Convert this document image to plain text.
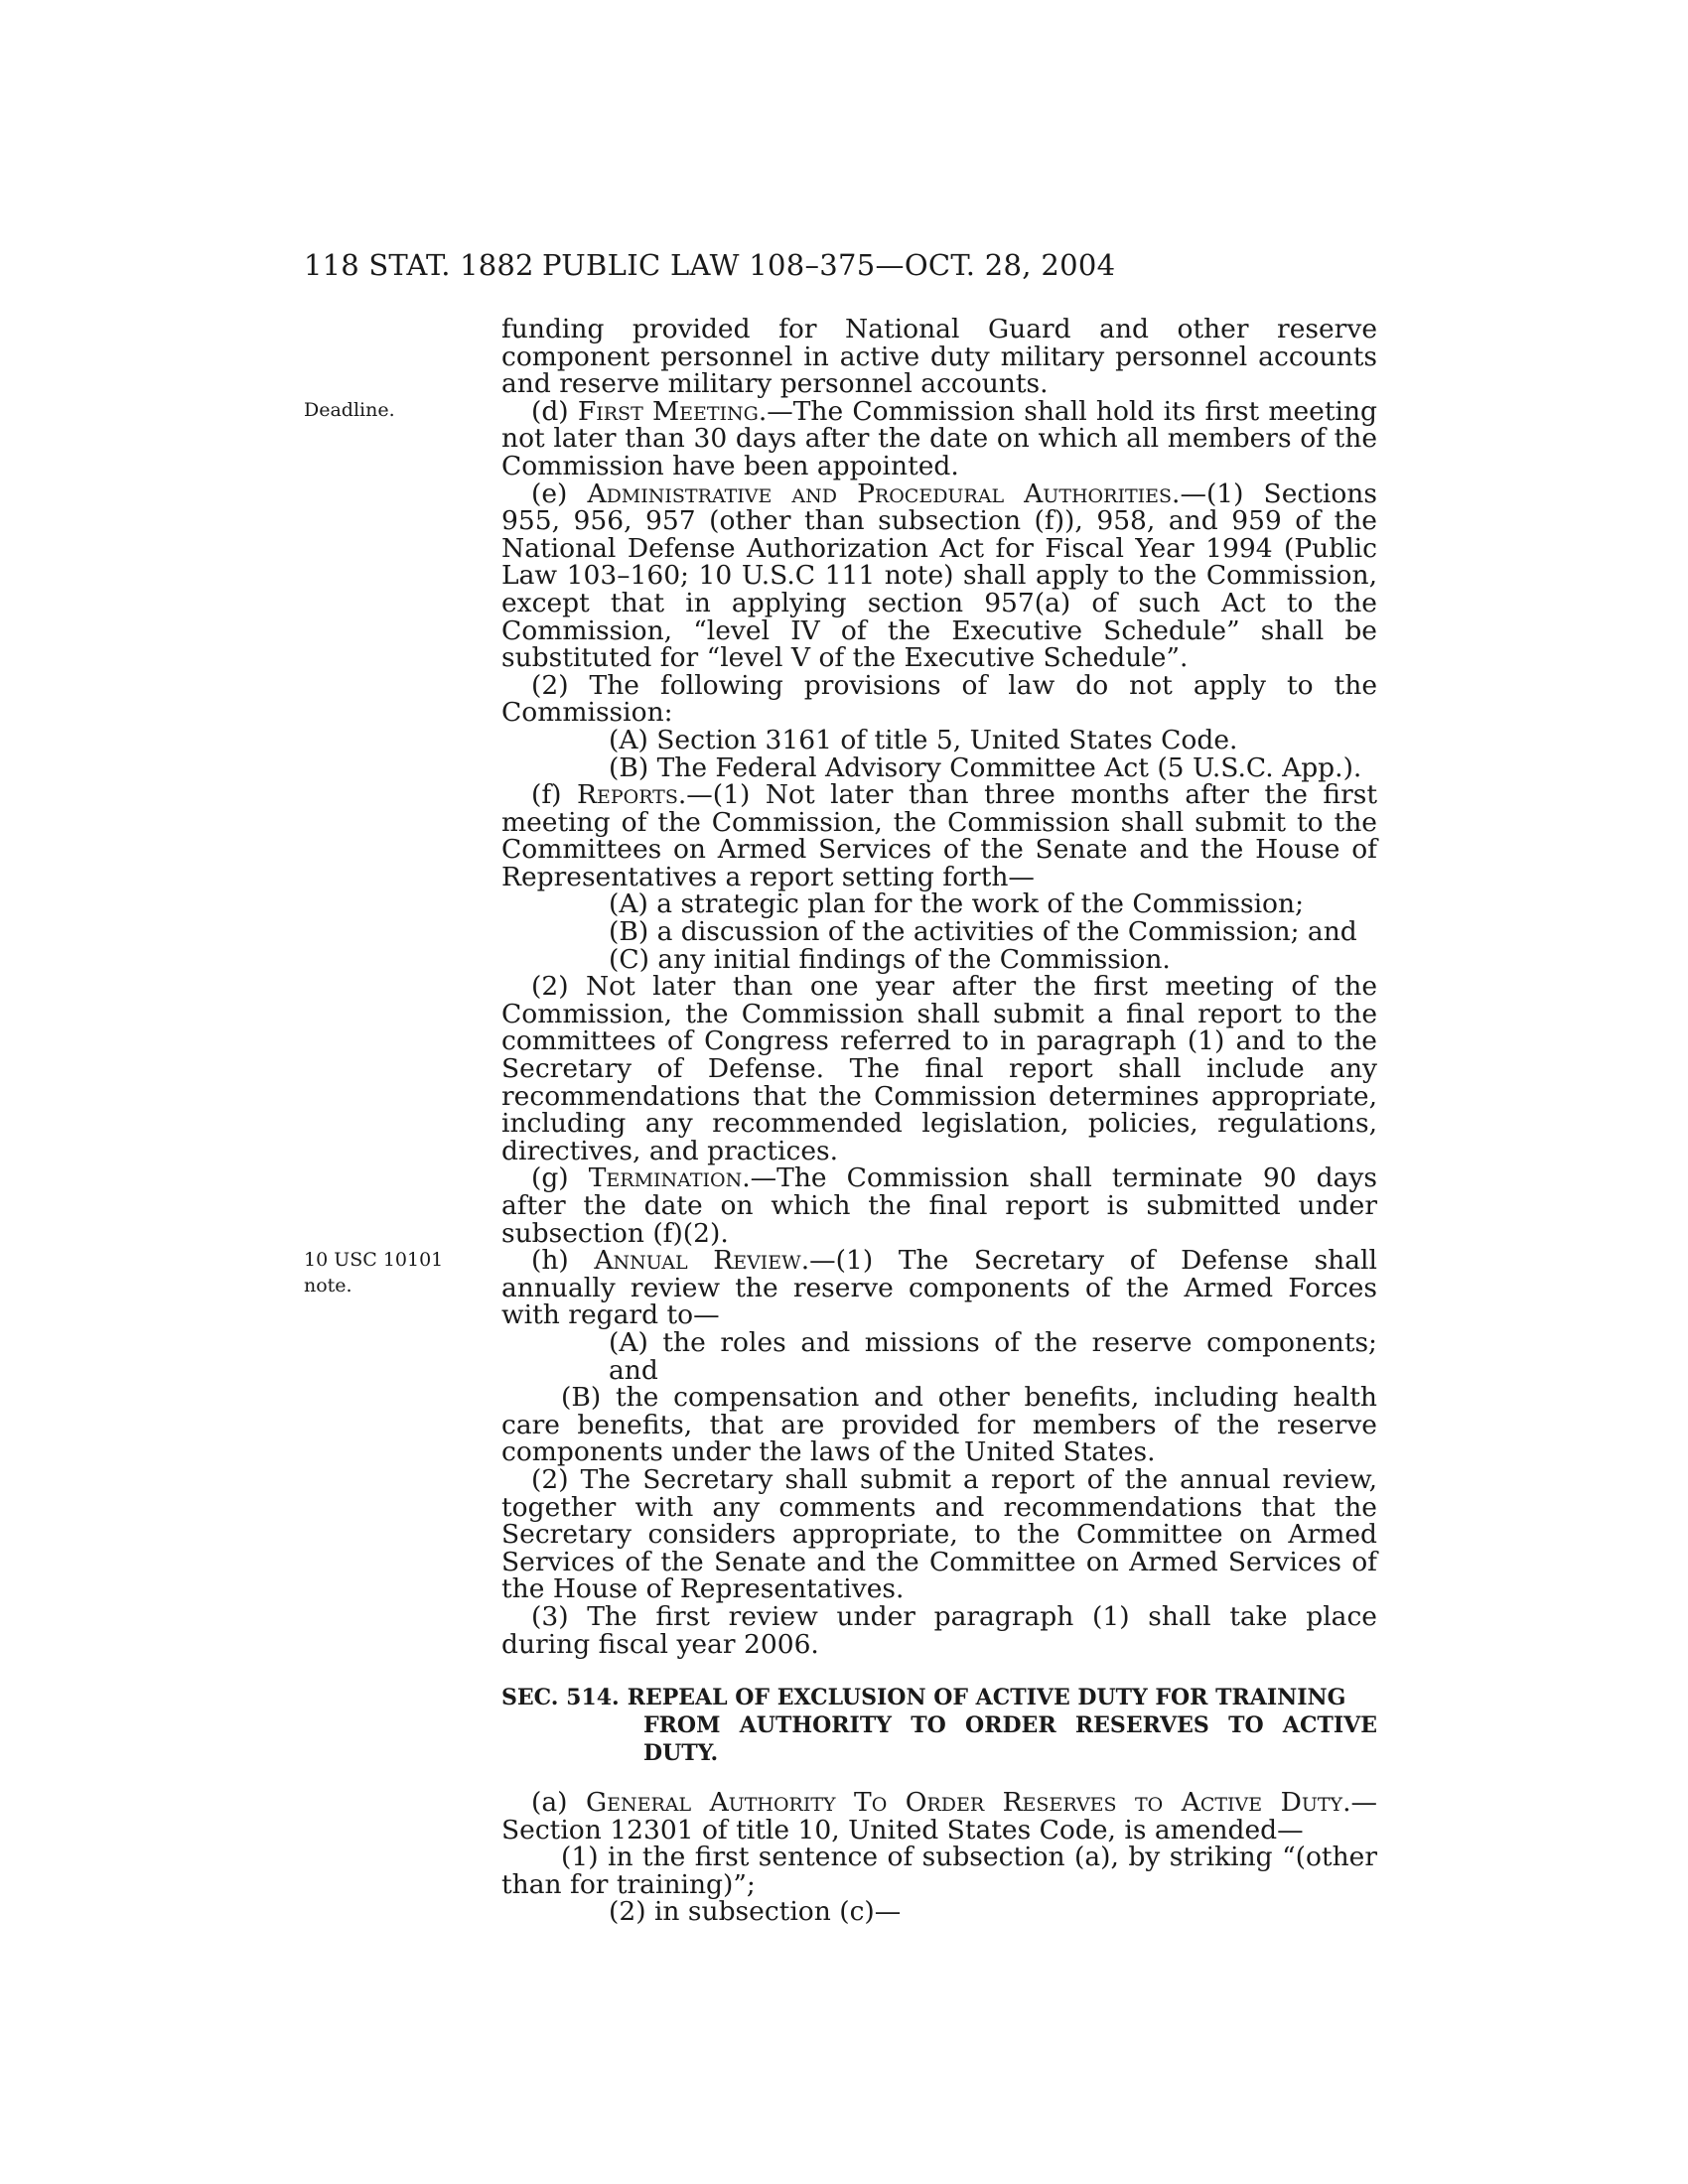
118 STAT. 1882 PUBLIC LAW 108–375—OCT. 28, 2004
Deadline.
10 USC 10101
note.

funding provided for National Guard and other reserve component personnel in active duty military personnel accounts and reserve military personnel accounts.

(d) First Meeting.—The Commission shall hold its first meeting not later than 30 days after the date on which all members of the Commission have been appointed.

(e) Administrative and Procedural Authorities.—(1) Sections 955, 956, 957 (other than subsection (f)), 958, and 959 of the National Defense Authorization Act for Fiscal Year 1994 (Public Law 103–160; 10 U.S.C 111 note) shall apply to the Commission, except that in applying section 957(a) of such Act to the Commission, “level IV of the Executive Schedule” shall be substituted for “level V of the Executive Schedule”.

(2) The following provisions of law do not apply to the Commission:

(A) Section 3161 of title 5, United States Code.

(B) The Federal Advisory Committee Act (5 U.S.C. App.).

(f) Reports.—(1) Not later than three months after the first meeting of the Commission, the Commission shall submit to the Committees on Armed Services of the Senate and the House of Representatives a report setting forth—

(A) a strategic plan for the work of the Commission;

(B) a discussion of the activities of the Commission; and

(C) any initial findings of the Commission.

(2) Not later than one year after the first meeting of the Commission, the Commission shall submit a final report to the committees of Congress referred to in paragraph (1) and to the Secretary of Defense. The final report shall include any recommendations that the Commission determines appropriate, including any recommended legislation, policies, regulations, directives, and practices.

(g) Termination.—The Commission shall terminate 90 days after the date on which the final report is submitted under subsection (f)(2).

(h) Annual Review.—(1) The Secretary of Defense shall annually review the reserve components of the Armed Forces with regard to—

(A) the roles and missions of the reserve components; and

(B) the compensation and other benefits, including health care benefits, that are provided for members of the reserve components under the laws of the United States.

(2) The Secretary shall submit a report of the annual review, together with any comments and recommendations that the Secretary considers appropriate, to the Committee on Armed Services of the Senate and the Committee on Armed Services of the House of Representatives.

(3) The first review under paragraph (1) shall take place during fiscal year 2006.

SEC. 514. REPEAL OF EXCLUSION OF ACTIVE DUTY FOR TRAINING
FROM AUTHORITY TO ORDER RESERVES TO ACTIVE DUTY.

(a) General Authority To Order Reserves to Active Duty.—Section 12301 of title 10, United States Code, is amended—

(1) in the first sentence of subsection (a), by striking “(other than for training)”;

(2) in subsection (c)—
